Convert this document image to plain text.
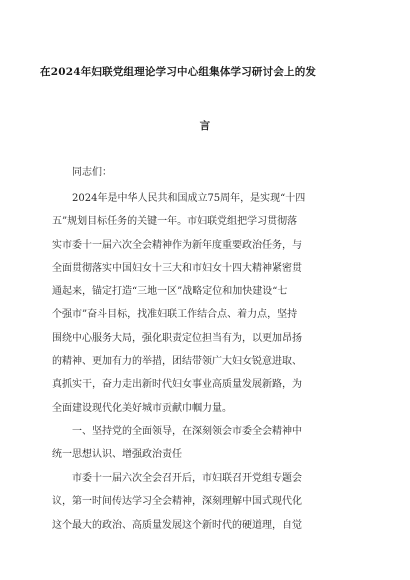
在2024年妇联党组理论学习中心组集体学习研讨会上的发
言
同志们：
2024年是中华人民共和国成立75周年，是实现“十四
五”规划目标任务的关键一年。市妇联党组把学习贯彻落
实市委十一届六次全会精神作为新年度重要政治任务，与
全面贯彻落实中国妇女十三大和市妇女十四大精神紧密贯
通起来，锚定打造“三地一区”战略定位和加快建设“七
个强市”奋斗目标，找准妇联工作结合点、着力点，坚持
围绕中心服务大局，强化职责定位担当有为，以更加昂扬
的精神、更加有力的举措，团结带领广大妇女锐意进取、
真抓实干，奋力走出新时代妇女事业高质量发展新路，为
全面建设现代化美好城市贡献巾帼力量。
一、坚持党的全面领导，在深刻领会市委全会精神中
统一思想认识、增强政治责任
市委十一届六次全会召开后，市妇联召开党组专题会
议，第一时间传达学习全会精神，深刻理解中国式现代化
这个最大的政治、高质量发展这个新时代的硬道理，自觉
